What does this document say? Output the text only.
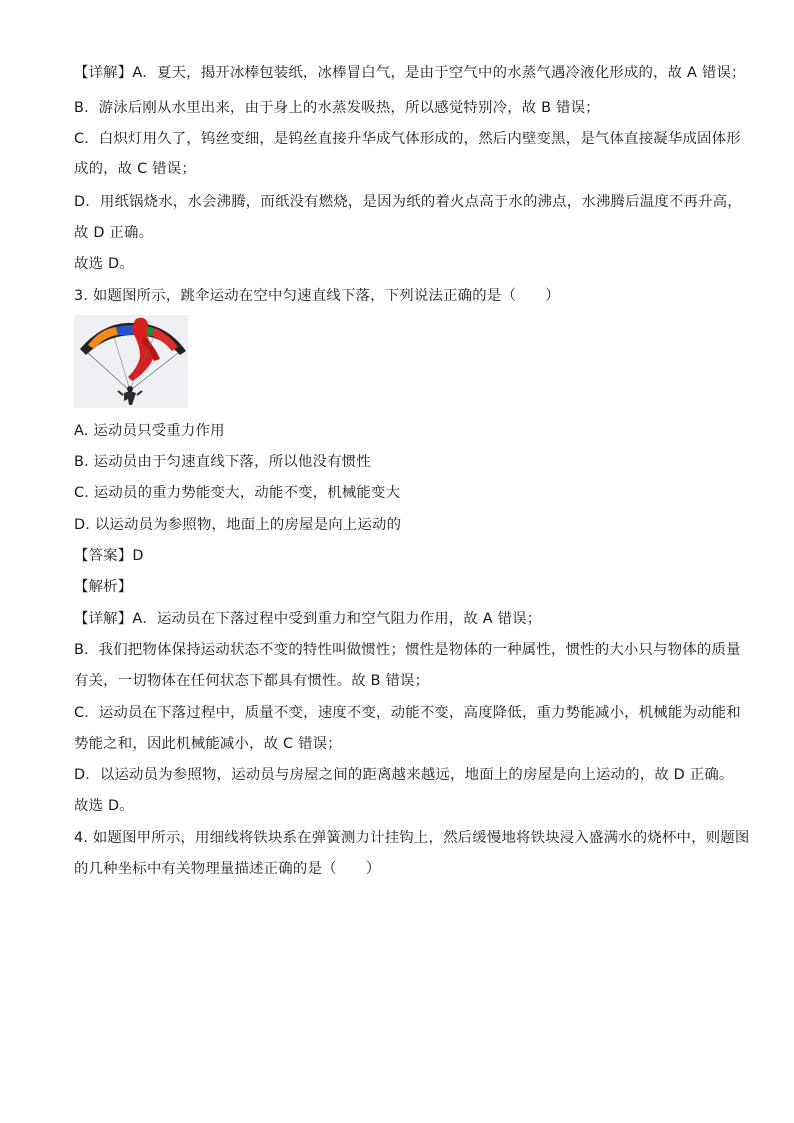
【详解】A．夏天，揭开冰棒包装纸，冰棒冒白气，是由于空气中的水蒸气遇冷液化形成的，故 A 错误；
B．游泳后刚从水里出来，由于身上的水蒸发吸热，所以感觉特别冷，故 B 错误；
C．白炽灯用久了，钨丝变细，是钨丝直接升华成气体形成的，然后内壁变黑，是气体直接凝华成固体形
成的，故 C 错误；
D．用纸锅烧水，水会沸腾，而纸没有燃烧，是因为纸的着火点高于水的沸点，水沸腾后温度不再升高，
故 D 正确。
故选 D。
3. 如题图所示，跳伞运动在空中匀速直线下落，下列说法正确的是（　　）
A. 运动员只受重力作用
B. 运动员由于匀速直线下落，所以他没有惯性
C. 运动员的重力势能变大，动能不变，机械能变大
D. 以运动员为参照物，地面上的房屋是向上运动的
【答案】D
【解析】
【详解】A．运动员在下落过程中受到重力和空气阻力作用，故 A 错误；
B．我们把物体保持运动状态不变的特性叫做惯性；惯性是物体的一种属性，惯性的大小只与物体的质量
有关，一切物体在任何状态下都具有惯性。故 B 错误；
C．运动员在下落过程中，质量不变，速度不变，动能不变，高度降低，重力势能减小，机械能为动能和
势能之和，因此机械能减小，故 C 错误；
D．以运动员为参照物，运动员与房屋之间的距离越来越远，地面上的房屋是向上运动的，故 D 正确。
故选 D。
4. 如题图甲所示，用细线将铁块系在弹簧测力计挂钩上，然后缓慢地将铁块浸入盛满水的烧杯中，则题图
的几种坐标中有关物理量描述正确的是（　　）
